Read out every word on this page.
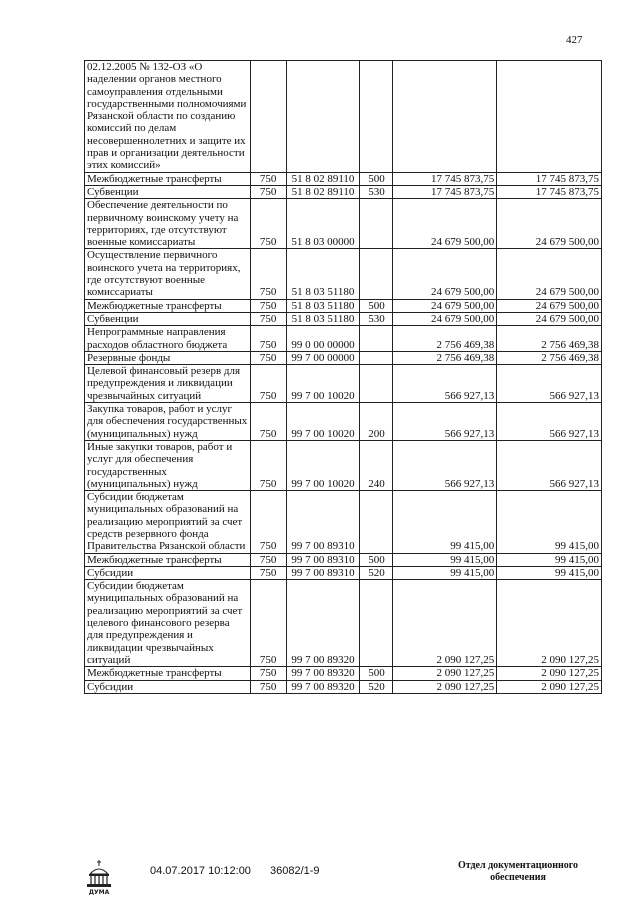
427
02.12.2005 № 132-ОЗ «О наделении органов местного самоуправления отдельными государственными полномочиями Рязанской области по созданию комиссий по делам несовершеннолетних и защите их прав и организации деятельности этих комиссий»					
Межбюджетные трансферты	750	51 8 02 89110	500	17 745 873,75	17 745 873,75
Субвенции	750	51 8 02 89110	530	17 745 873,75	17 745 873,75
Обеспечение деятельности по первичному воинскому учету на территориях, где отсутствуют военные комиссариаты	750	51 8 03 00000		24 679 500,00	24 679 500,00
Осуществление первичного воинского учета на территориях, где отсутствуют военные комиссариаты	750	51 8 03 51180		24 679 500,00	24 679 500,00
Межбюджетные трансферты	750	51 8 03 51180	500	24 679 500,00	24 679 500,00
Субвенции	750	51 8 03 51180	530	24 679 500,00	24 679 500,00
Непрограммные направления расходов областного бюджета	750	99 0 00 00000		2 756 469,38	2 756 469,38
Резервные фонды	750	99 7 00 00000		2 756 469,38	2 756 469,38
Целевой финансовый резерв для предупреждения и ликвидации чрезвычайных ситуаций	750	99 7 00 10020		566 927,13	566 927,13
Закупка товаров, работ и услуг для обеспечения государственных (муниципальных) нужд	750	99 7 00 10020	200	566 927,13	566 927,13
Иные закупки товаров, работ и услуг для обеспечения государственных (муниципальных) нужд	750	99 7 00 10020	240	566 927,13	566 927,13
Субсидии бюджетам муниципальных образований на реализацию мероприятий за счет средств резервного фонда Правительства Рязанской области	750	99 7 00 89310		99 415,00	99 415,00
Межбюджетные трансферты	750	99 7 00 89310	500	99 415,00	99 415,00
Субсидии	750	99 7 00 89310	520	99 415,00	99 415,00
Субсидии бюджетам муниципальных образований на реализацию мероприятий за счет целевого финансового резерва для предупреждения и ликвидации чрезвычайных ситуаций	750	99 7 00 89320		2 090 127,25	2 090 127,25
Межбюджетные трансферты	750	99 7 00 89320	500	2 090 127,25	2 090 127,25
Субсидии	750	99 7 00 89320	520	2 090 127,25	2 090 127,25
ДУМА
04.07.2017 10:12:00 36082/1-9	Отдел документационного обеспечения
